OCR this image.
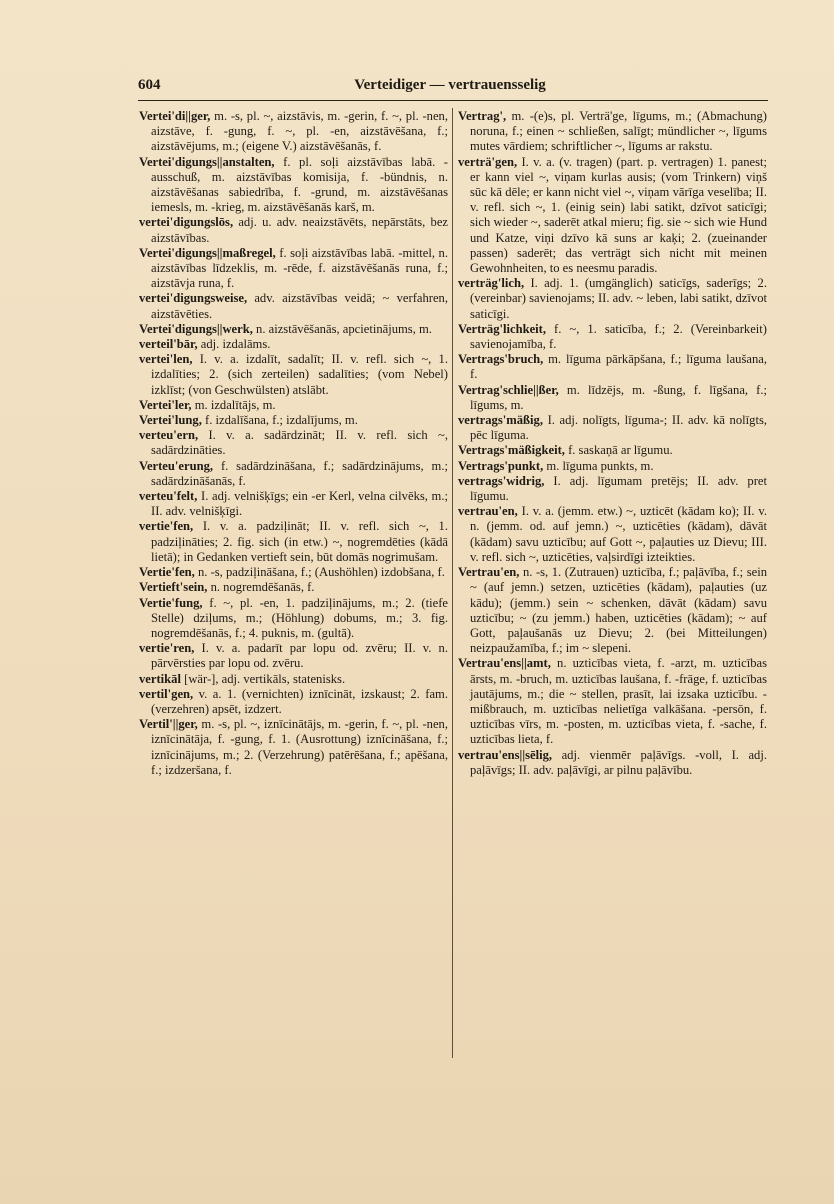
604	Verteidiger — vertrauensselig
Vertei'di||ger, m. -s, pl. ~, aizstāvis, m. -gerin, f. ~, pl. -nen, aizstāve, f. -gung, f. ~, pl. -en, aizstāvēšana, f.; aizstāvējums, m.; (eigene V.) aizstāvēšanās, f.
Vertei'digungs||anstalten, f. pl. soļi aizstāvības labā. -ausschuß, m. aizstāvības komisija, f. -bündnis, n. aizstāvēšanas sabiedrība, f. -grund, m. aizstāvēšanas iemesls, m. -krieg, m. aizstāvēšanās karš, m.
vertei'digungslōs, adj. u. adv. neaizstāvēts, nepārstāts, bez aizstāvības.
Vertei'digungs||maßregel, f. soļi aizstāvības labā. -mittel, n. aizstāvības līdzeklis, m. -rēde, f. aizstāvēšanās runa, f.; aizstāvja runa, f.
vertei'digungsweise, adv. aizstāvības veidā; ~ verfahren, aizstāvēties.
Vertei'digungs||werk, n. aizstāvēšanās, apcietinājums, m.
verteil'bār, adj. izdalāms.
vertei'len, I. v. a. izdalīt, sadalīt; II. v. refl. sich ~, 1. izdalīties; 2. (sich zerteilen) sadalīties; (vom Nebel) izklīst; (von Geschwülsten) atslābt.
Vertei'ler, m. izdalītājs, m.
Vertei'lung, f. izdalīšana, f.; izdalījums, m.
verteu'ern, I. v. a. sadārdzināt; II. v. refl. sich ~, sadārdzināties.
Verteu'erung, f. sadārdzināšana, f.; sadārdzinājums, m.; sadārdzināšanās, f.
verteu'felt, I. adj. velnišķīgs; ein -er Kerl, velna cilvēks, m.; II. adv. velnišķīgi.
vertie'fen, I. v. a. padziļināt; II. v. refl. sich ~, 1. padziļināties; 2. fig. sich (in etw.) ~, nogremdēties (kādā lietā); in Gedanken vertieft sein, būt domās nogrimušam.
Vertie'fen, n. -s, padziļināšana, f.; (Aushöhlen) izdobšana, f.
Vertieft'sein, n. nogremdēšanās, f.
Vertie'fung, f. ~, pl. -en, 1. padziļinājums, m.; 2. (tiefe Stelle) dziļums, m.; (Höhlung) dobums, m.; 3. fig. nogremdēšanās, f.; 4. puknis, m. (gultā).
vertie'ren, I. v. a. padarīt par lopu od. zvēru; II. v. n. pārvērsties par lopu od. zvēru.
vertikāl [wär-], adj. vertikāls, statenisks.
vertil'gen, v. a. 1. (vernichten) iznīcināt, izskaust; 2. fam. (verzehren) apsēt, izdzert.
Vertil'||ger, m. -s, pl. ~, iznīcinātājs, m. -gerin, f. ~, pl. -nen, iznīcinātāja, f. -gung, f. 1. (Ausrottung) iznīcināšana, f.; iznīcinājums, m.; 2. (Verzehrung) patērēšana, f.; apēšana, f.; izdzeršana, f.
Vertrag', m. -(e)s, pl. Verträ'ge, līgums, m.; (Abmachung) noruna, f.; einen ~ schließen, salīgt; mündlicher ~, līgums mutes vārdiem; schriftlicher ~, līgums ar rakstu.
verträ'gen, I. v. a. (v. tragen) (part. p. vertragen) 1. panest; er kann viel ~, viņam kurlas ausis; (vom Trinkern) viņš sūc kā dēle; er kann nicht viel ~, viņam vārīga veselība; II. v. refl. sich ~, 1. (einig sein) labi satikt, dzīvot saticīgi; sich wieder ~, saderēt atkal mieru; fig. sie ~ sich wie Hund und Katze, viņi dzīvo kā suns ar kaķi; 2. (zueinander passen) saderēt; das verträgt sich nicht mit meinen Gewohnheiten, to es neesmu paradis.
verträg'lich, I. adj. 1. (umgänglich) saticīgs, saderīgs; 2. (vereinbar) savienojams; II. adv. ~ leben, labi satikt, dzīvot saticīgi.
Verträg'lichkeit, f. ~, 1. saticība, f.; 2. (Vereinbarkeit) savienojamība, f.
Vertrags'bruch, m. līguma pārkāpšana, f.; līguma laušana, f.
Vertrag'schlie||ßer, m. līdzējs, m. -ßung, f. līgšana, f.; līgums, m.
vertrags'mäßig, I. adj. nolīgts, līguma-; II. adv. kā nolīgts, pēc līguma.
Vertrags'mäßigkeit, f. saskaņā ar līgumu.
Vertrags'punkt, m. līguma punkts, m.
vertrags'widrig, I. adj. līgumam pretējs; II. adv. pret līgumu.
vertrau'en, I. v. a. (jemm. etw.) ~, uzticēt (kādam ko); II. v. n. (jemm. od. auf jemn.) ~, uzticēties (kādam), dāvāt (kādam) savu uzticību; auf Gott ~, paļauties uz Dievu; III. v. refl. sich ~, uzticēties, vaļsirdīgi izteikties.
Vertrau'en, n. -s, 1. (Zutrauen) uzticība, f.; paļāvība, f.; sein ~ (auf jemn.) setzen, uzticēties (kādam), paļauties (uz kādu); (jemm.) sein ~ schenken, dāvāt (kādam) savu uzticību; ~ (zu jemm.) haben, uzticēties (kādam); ~ auf Gott, paļaušanās uz Dievu; 2. (bei Mitteilungen) neizpaužamība, f.; im ~ slepeni.
Vertrau'ens||amt, n. uzticības vieta, f. -arzt, m. uzticības ārsts, m. -bruch, m. uzticības laušana, f. -frāge, f. uzticības jautājums, m.; die ~ stellen, prasīt, lai izsaka uzticību. -mißbrauch, m. uzticības nelietīga valkāšana. -persōn, f. uzticības vīrs, m. -posten, m. uzticības vieta, f. -sache, f. uzticības lieta, f.
vertrau'ens||sēlig, adj. vienmēr paļāvīgs. -voll, I. adj. paļāvīgs; II. adv. paļāvīgi, ar pilnu paļāvību.
